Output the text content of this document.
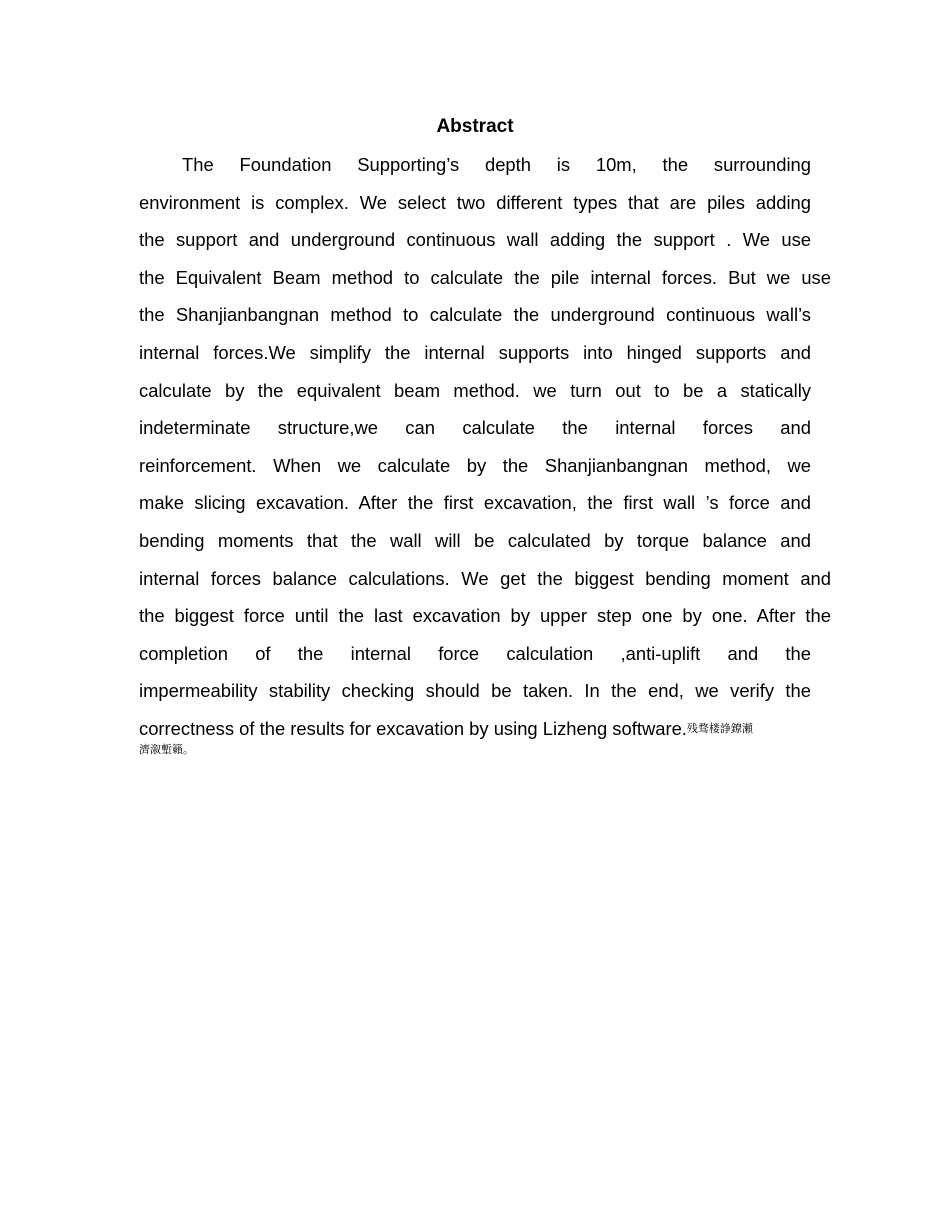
Abstract
The Foundation Supporting’s depth is 10m, the surrounding
environment is complex. We select two different types that are piles adding
the support and underground continuous wall adding the support . We use
the Equivalent Beam method to calculate the pile internal forces. But we use
the Shanjianbangnan method to calculate the underground continuous wall’s
internal forces.We simplify the internal supports into hinged supports and
calculate by the equivalent beam method. we turn out to be a statically
indeterminate structure,we can calculate the internal forces and
reinforcement. When we calculate by the Shanjianbangnan method, we
make slicing excavation. After the first excavation, the first wall ’s force and
bending moments that the wall will be calculated by torque balance and
internal forces balance calculations. We get the biggest bending moment and
the biggest force until the last excavation by upper step one by one. After the
completion of the internal force calculation ,anti-uplift and the
impermeability stability checking should be taken. In the end, we verify the
correctness of the results for excavation by using Lizheng software.残骛楼諍鐐瀬
濟溆塹籟。
